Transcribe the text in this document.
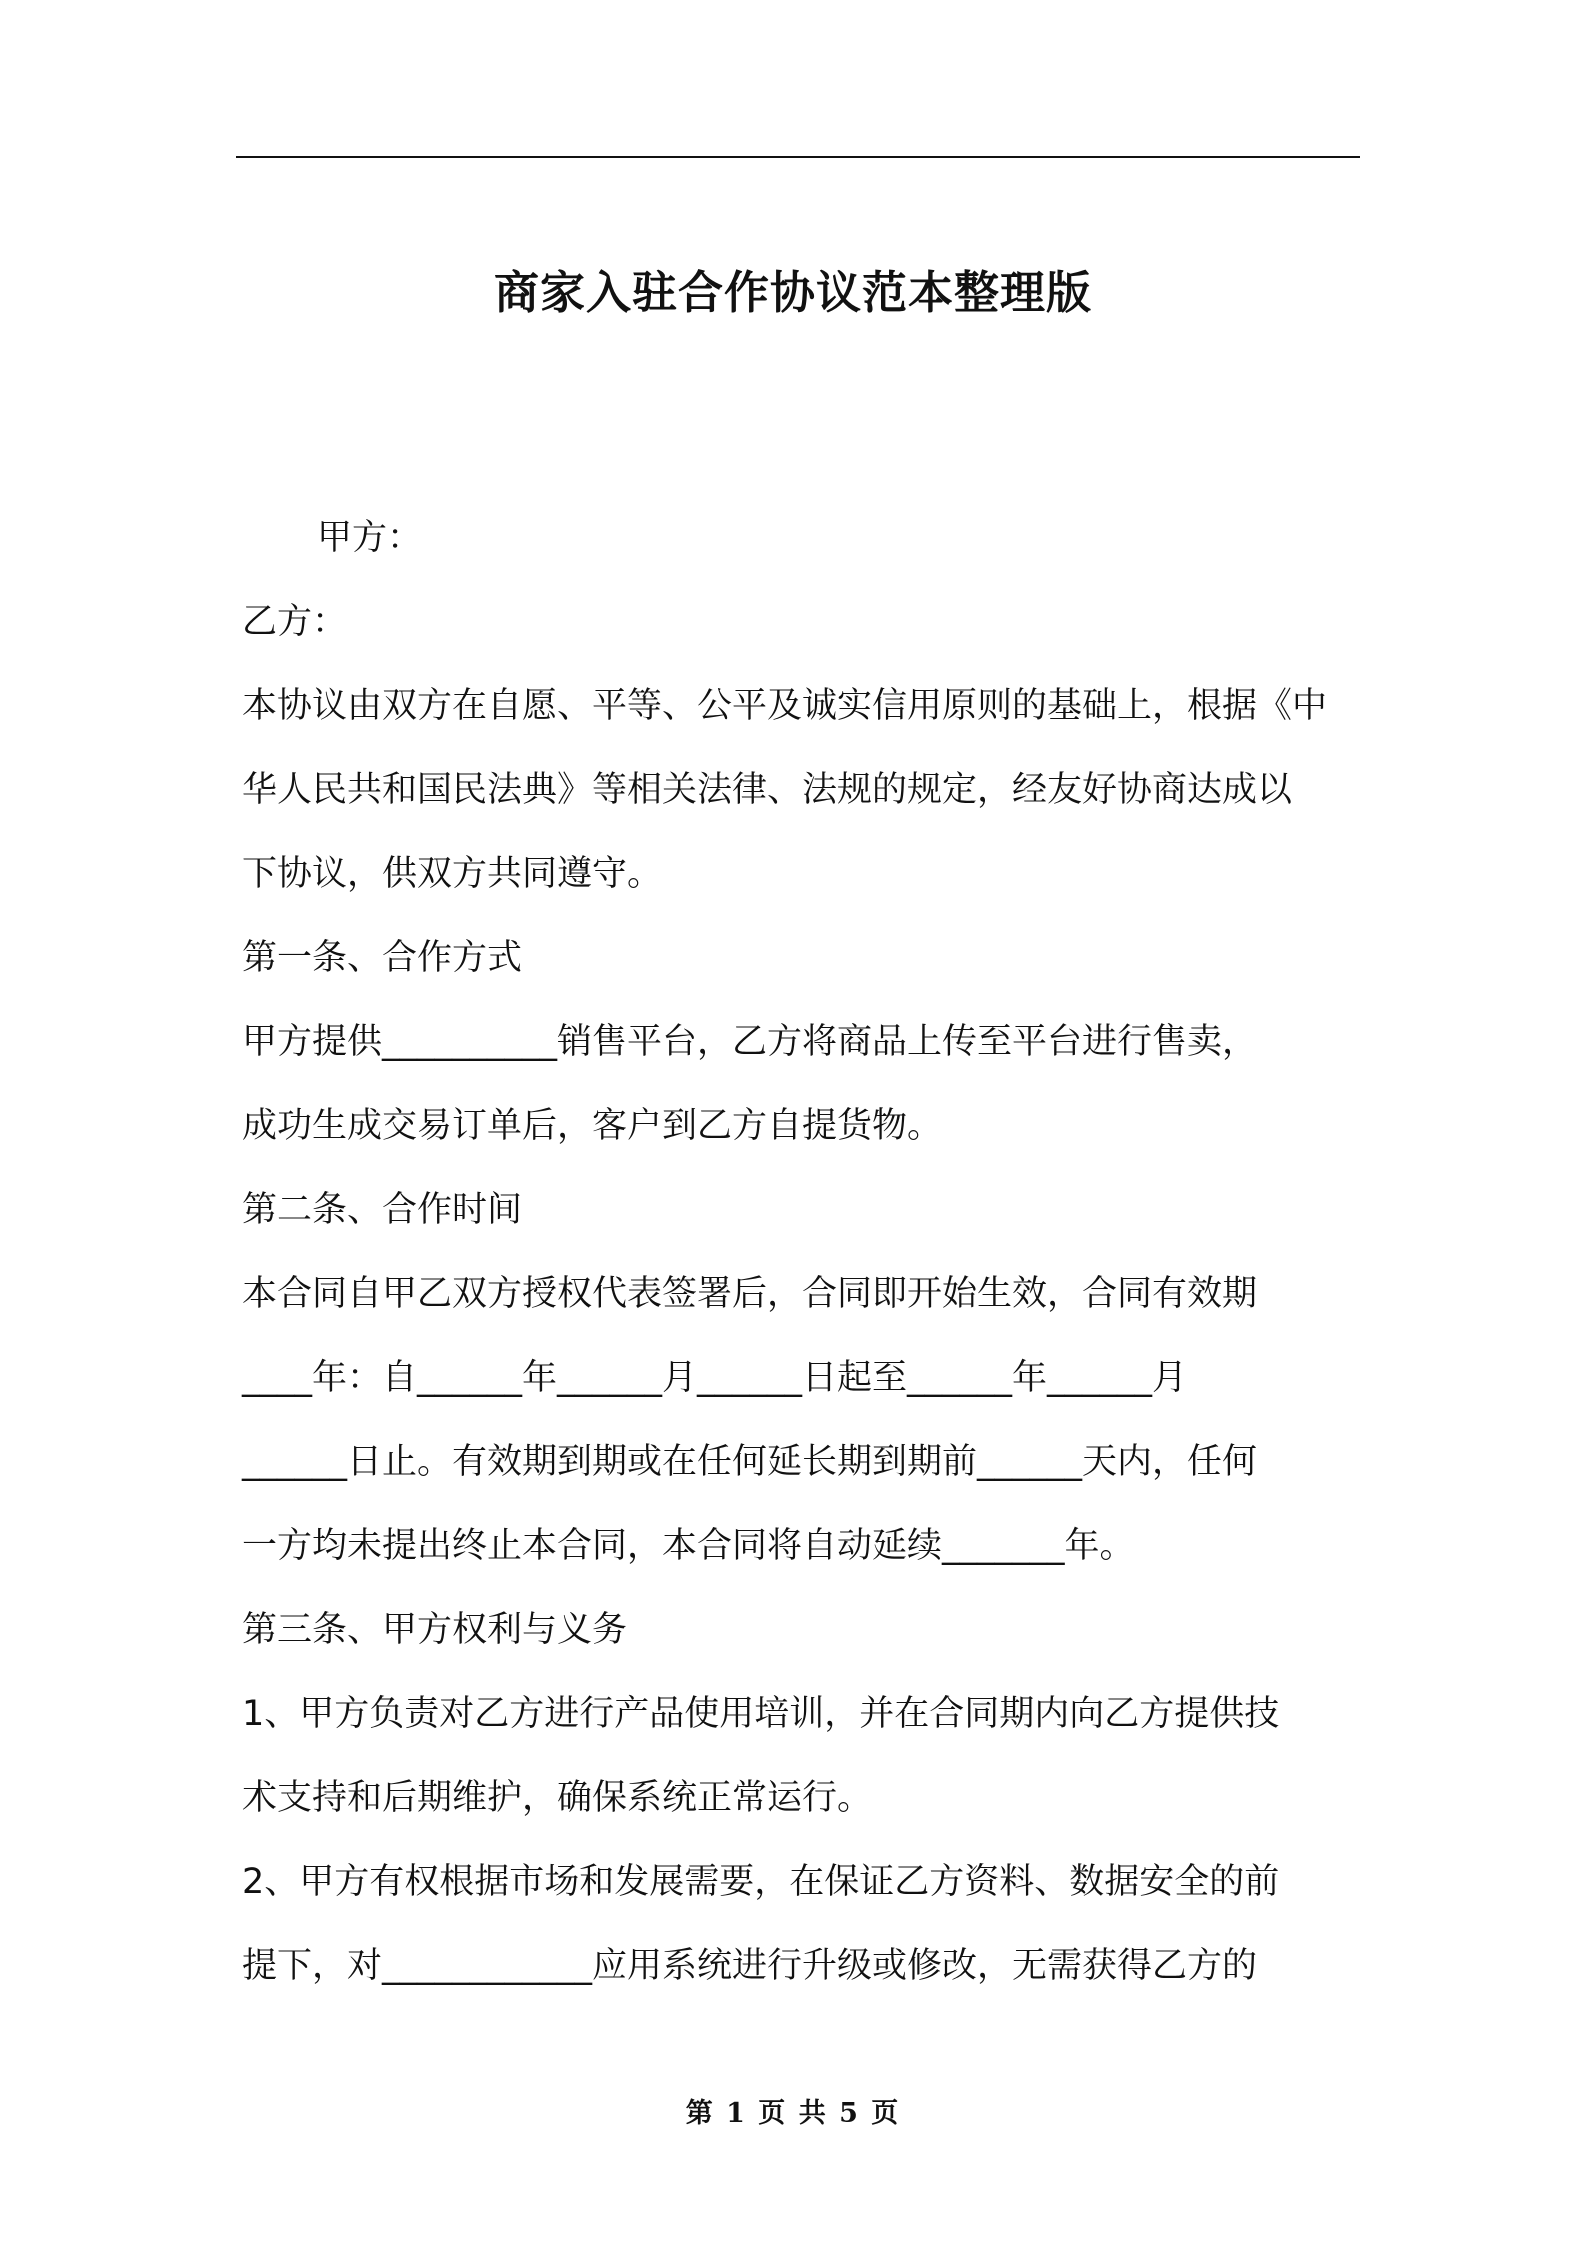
商家入驻合作协议范本整理版
甲方：
乙方：
本协议由双方在自愿、平等、公平及诚实信用原则的基础上，根据《中
华人民共和国民法典》等相关法律、法规的规定，经友好协商达成以
下协议，供双方共同遵守。
第一条、合作方式
甲方提供__________销售平台，乙方将商品上传至平台进行售卖，
成功生成交易订单后，客户到乙方自提货物。
第二条、合作时间
本合同自甲乙双方授权代表签署后，合同即开始生效，合同有效期
____年：自______年______月______日起至______年______月
______日止。有效期到期或在任何延长期到期前______天内，任何
一方均未提出终止本合同，本合同将自动延续_______年。
第三条、甲方权利与义务
1、甲方负责对乙方进行产品使用培训，并在合同期内向乙方提供技
术支持和后期维护，确保系统正常运行。
2、甲方有权根据市场和发展需要，在保证乙方资料、数据安全的前
提下，对____________应用系统进行升级或修改，无需获得乙方的
第 1 页 共 5 页
